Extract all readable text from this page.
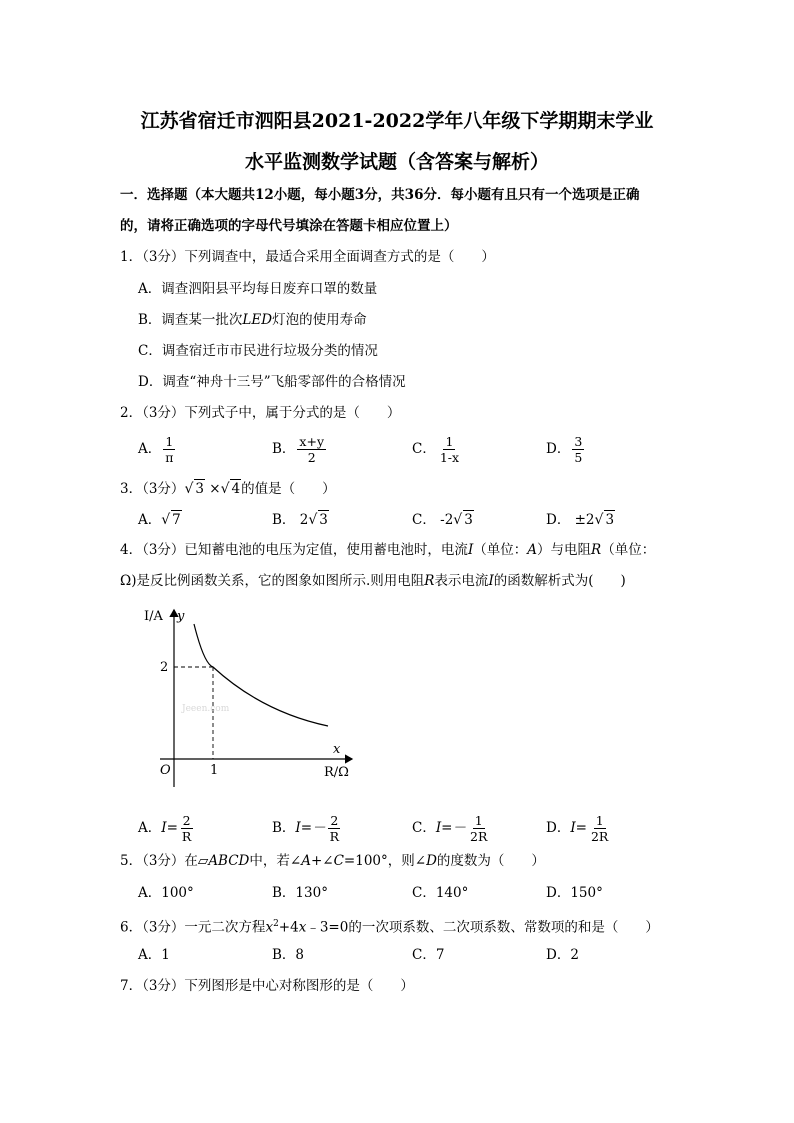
江苏省宿迁市泗阳县2021-2022学年八年级下学期期末学业
水平监测数学试题（含答案与解析）
一．选择题（本大题共12小题，每小题3分，共36分．每小题有且只有一个选项是正确
的，请将正确选项的字母代号填涂在答题卡相应位置上）
1．（3分）下列调查中，最适合采用全面调查方式的是（　　）
A．调查泗阳县平均每日废弃口罩的数量
B．调查某一批次LED灯泡的使用寿命
C．调查宿迁市市民进行垃圾分类的情况
D．调查“神舟十三号”飞船零部件的合格情况
2．（3分）下列式子中，属于分式的是（　　）
A． $\frac{1}{\pi}$	B． $\frac{x+y}{2}$	C． $\frac{1}{1-x}$	D． $\frac{3}{5}$
3．（3分）√ 3 ×√ 4的值是（　　）
A．√ 7	B． 2√ 3	C． -2√ 3	D． ±2√ 3
4．（3分）已知蓄电池的电压为定值，使用蓄电池时，电流I（单位：A）与电阻R（单位：
Ω)是反比例函数关系，它的图象如图所示.则用电阻R表示电流I的函数解析式为(　　)
Jeeen.com
I/A y
2
O	1
x
R/Ω
A．$I= \frac{2}{R}$	B．$I=- \frac{2}{R}$	C．$I=- \frac{1}{2R}$	D．$I= \frac{1}{2R}$
5．（3分）在▱ABCD中，若∠A+∠C=100°，则∠D的度数为（　　）
A．100°	B．130°	C．140°	D．150°
6．（3分）一元二次方程$x^2+4x﹣3=0$的一次项系数、二次项系数、常数项的和是（　　）
A．1	B．8	C．7	D．2
7．（3分）下列图形是中心对称图形的是（　　）
